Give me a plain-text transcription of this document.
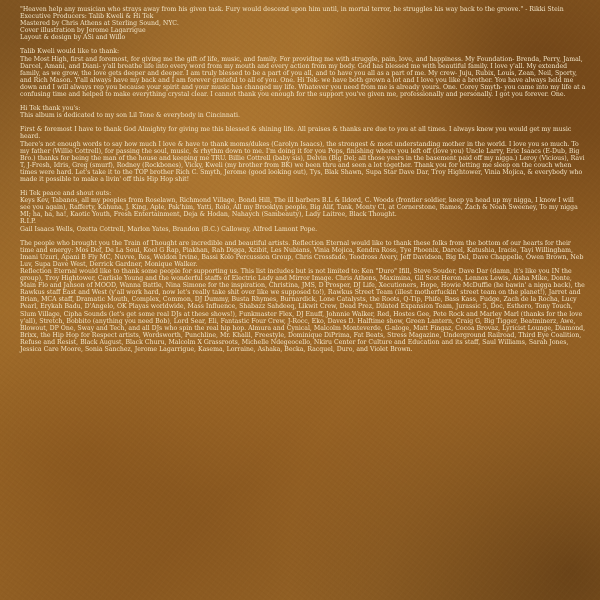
"Heaven help any musician who strays away from his given task. Fury would descend upon him until, in mortal terror, he struggles his way back to the groove." - Rikki Stein

Executive Producers: Talib Kweli & Hi Tek

Mastered by Chris Athens at Sterling Sound, NYC.

Cover illustration by Jerome Lagarrigue

Layout & design by ASi and Willo

Talib Kweli would like to thank:

The Most High, first and foremost, for giving me the gift of life, music, and family. For providing me with struggle, pain, love, and happiness. My Foundation- Brenda, Perry, Jamal, Darcel, Amani, and Diani- y'all breathe life into every word from my mouth and every action from my body. God has blessed me with beautiful family. I love y'all. My extended family, as we grow, the love gets deeper and deeper. I am truly blessed to be a part of you all, and to have you all as a part of me. My crew- Juju, Rubix, Louis, Zean, Neil, Sporty, and Rich Mason. Y'all always have my back and I am forever grateful to all of you. One. Hi Tek- we have both grown a lot and I love you like a brother. You have always held me down and I will always rep you because your spirit and your music has changed my life. Whatever you need from me is already yours. One. Corey Smyth- you came into my life at a confusing time and helped to make everything crystal clear. I cannot thank you enough for the support you've given me, professionally and personally. I got you forever. One.

Hi Tek thank you's:

This album is dedicated to my son Lil Tone & everybody in Cincinnati.

First & foremost I have to thank God Almighty for giving me this blessed & shining life. All praises & thanks are due to you at all times. I always knew you would get my music heard.

There's not enough words to say how much I love & have to thank moms/dukes (Carolyn Isaacs), the strongest & most understanding mother in the world. I love you so much. To my father (Willie Cottrell), for passing the soul, music, & rhythm down to me. I'm doing it for you Pops, finishing where you left off (love you) Uncle Larry, Eric Isaacs (E-Dub, Big Bro.) thanks for being the man of the house and keeping me TRU. Billie Cottrell (baby sis), Delvin (Big Del; all those years in the basement paid off my nigga.) Leroy (Vicious), Ravi T, J-Fresh, Idris, Greg (smurf), Rodney (Rockbones), Vicky, Kweli (my brother from BK) we been thru and seen a lot together. Thank you for letting me sleep on the couch when times were hard. Let's take it to the TOP brother Rich C. Smyth, Jerome (good looking out), Tys, Blak Shawn, Supa Star Dave Dar, Troy Hightower, Vinia Mojica, & everybody who made it possible to make a livin' off this Hip Hop shit!

Hi Tek peace and shout outs:

Keys Kev, Tabanos, all my peoples from Roselawn, Richmond Village, Bondi Hill, The ill barbers B.L & Ildord, C. Woods (frontier soldier, keep ya head up my nigga, I know I will see you again), Rafferty, Kahuna, J. King, Aple, Pak'him, Yatti, Rolo, All my Brooklyn people, Big Alif, Tank, Monty Cl, at Cornerstone, Ramos, Zach & Noah Sweeney, To my nigga MI; ha, ha, ha!, Kaotic Youth, Fresh Entertainment, Deja & Hodan, Nahaych (Sambeauty), Lady Laitree, Black Thought.

R.I.P.

Gail Isaacs Wells, Ozetta Cottrell, Marlon Yates, Brandon (B.C.) Calloway, Alfred Lamont Pope.

The people who brought you the Train of Thought are incredible and beautiful artists. Reflection Eternal would like to thank these folks from the bottom of our hearts for their time and energy: Mos Def, De La Soul, Kool G Rap, Piakhan, Rah Digga, Xzibit, Les Nubians, Vinia Mojica, Kendra Ross, Tye Phoenix, Darcel, Katushia, Iracie, Tayi Willingham, Imani Uzuri, Apani B Fly MC, Nuvve, Res, Weldon Irvine, Bassi Kolo Percussion Group, Chris Crossfade, Teodross Avery, Jeff Davidson, Big Del, Dave Chappelle, Owen Brown, Neb Luv, Supa Dave West, Derrick Gardner, Monique Walker.

Reflection Eternal would like to thank some people for supporting us. This list includes but is not limited to: Ken "Duro" Ifill, Steve Souder, Dave Dar (damn, it's like you IN the group), Troy Hightower, Carlisle Young and the wonderful staffs of Electric Lady and Mirror Image. Chris Athens, Maximina, Gil Scot Heron, Lennox Lewis, Aisha Mike, Donte, Main Flo and Jahson of MOOD, Wanna Battle, Nina Simone for the inspiration, Christina, JMS, D Prosper, DJ Life, Xecutioners, Hope, Howie McDuffie (he bawin' a nigga back), the Rawkus staff East and West (y'all work hard, now let's really take shit over like we supposed to!), Rawkus Street Team (illest motherfuckin' street team on the planet!), Jarret and Brian, MCA staff, Dramatic Mouth, Complex, Common, DJ Dummy, Busta Rhymes, Burnardick, Lone Catalysts, the Roots, Q-Tip, Phife, Bass Kass, Fudge, Zach de la Rocha, Lucy Pearl, Erykah Badu, D'Angelo, OK Playas worldwide, Mass Influence, Shabazz Sahdeeq, Likwit Crew, Dead Prez, Dilated Expansion Team, Jurassic 5, Doc, Esthero, Tony Touch, Slum Village, Cipha Sounds (let's get some real DJs at these shows!), Funkmaster Flex, DJ Enuff, Johnnie Walker, Red, Hostes Gee, Pete Rock and Marley Marl (thanks for the love y'all), Stretch, Bobbito (anything you need Bob), Lord Sear, Eli, Fantastic Four Crew, J-Rocc, Eko, Daves D. Halftime show, Green Lantern, Craig G, Big Tigger, Beatminerz, Awe, Blowout, DP One, Sway and Tech, and all DJs who spin the real hip hop. Almura and Cynical, Malcolm Monteverde, G-nloge, Matt Fingaz, Cocoa Brovaz, Lyricist Lounge, Diamond, Brixx, the Hip Hop for Respect artists, Wordsworth, Punchline, Mr. Khalil, Freestyle, Dominique DiPrima, Fat Beats, Stress Magazine, Underground Railroad, Third Eye Coalition, Refuse and Resist, Black August, Black Churu, Malcolm X Grassroots, Michelle Ndegeocello, Nkiru Center for Culture and Education and its staff, Saul Williams, Sarah Jones, Jessica Care Moore, Sonia Sanchez, Jerome Lagarrigue, Kasema, Lorraine, Ashaka, Becka, Racquel, Duro, and Violet Brown.
